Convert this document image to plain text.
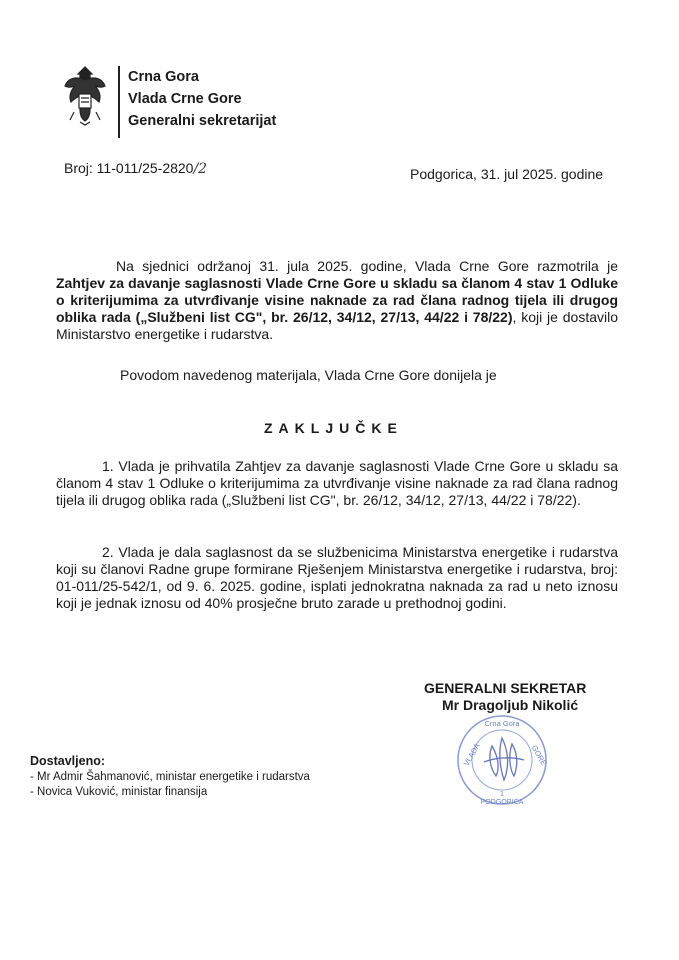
Crna Gora
Vlada Crne Gore
Generalni sekretarijat
Broj: 11-011/25-2820/2	Podgorica, 31. jul 2025. godine
Na sjednici održanoj 31. jula 2025. godine, Vlada Crne Gore razmotrila je Zahtjev za davanje saglasnosti Vlade Crne Gore u skladu sa članom 4 stav 1 Odluke o kriterijumima za utvrđivanje visine naknade za rad člana radnog tijela ili drugog oblika rada („Službeni list CG", br. 26/12, 34/12, 27/13, 44/22 i 78/22), koji je dostavilo Ministarstvo energetike i rudarstva.
Povodom navedenog materijala, Vlada Crne Gore donijela je
ZAKLJUČKE
1. Vlada je prihvatila Zahtjev za davanje saglasnosti Vlade Crne Gore u skladu sa članom 4 stav 1 Odluke o kriterijumima za utvrđivanje visine naknade za rad člana radnog tijela ili drugog oblika rada („Službeni list CG", br. 26/12, 34/12, 27/13, 44/22 i 78/22).
2. Vlada je dala saglasnost da se službenicima Ministarstva energetike i rudarstva koji su članovi Radne grupe formirane Rješenjem Ministarstva energetike i rudarstva, broj: 01-011/25-542/1, od 9. 6. 2025. godine, isplati jednokratna naknada za rad u neto iznosu koji je jednak iznosu od 40% prosječne bruto zarade u prethodnoj godini.
GENERALNI SEKRETAR
Mr Dragoljub Nikolić
Crna Gora
VLADA	GORE
1
PODGORICA
Dostavljeno:
- Mr Admir Šahmanović, ministar energetike i rudarstva
- Novica Vuković, ministar finansija
